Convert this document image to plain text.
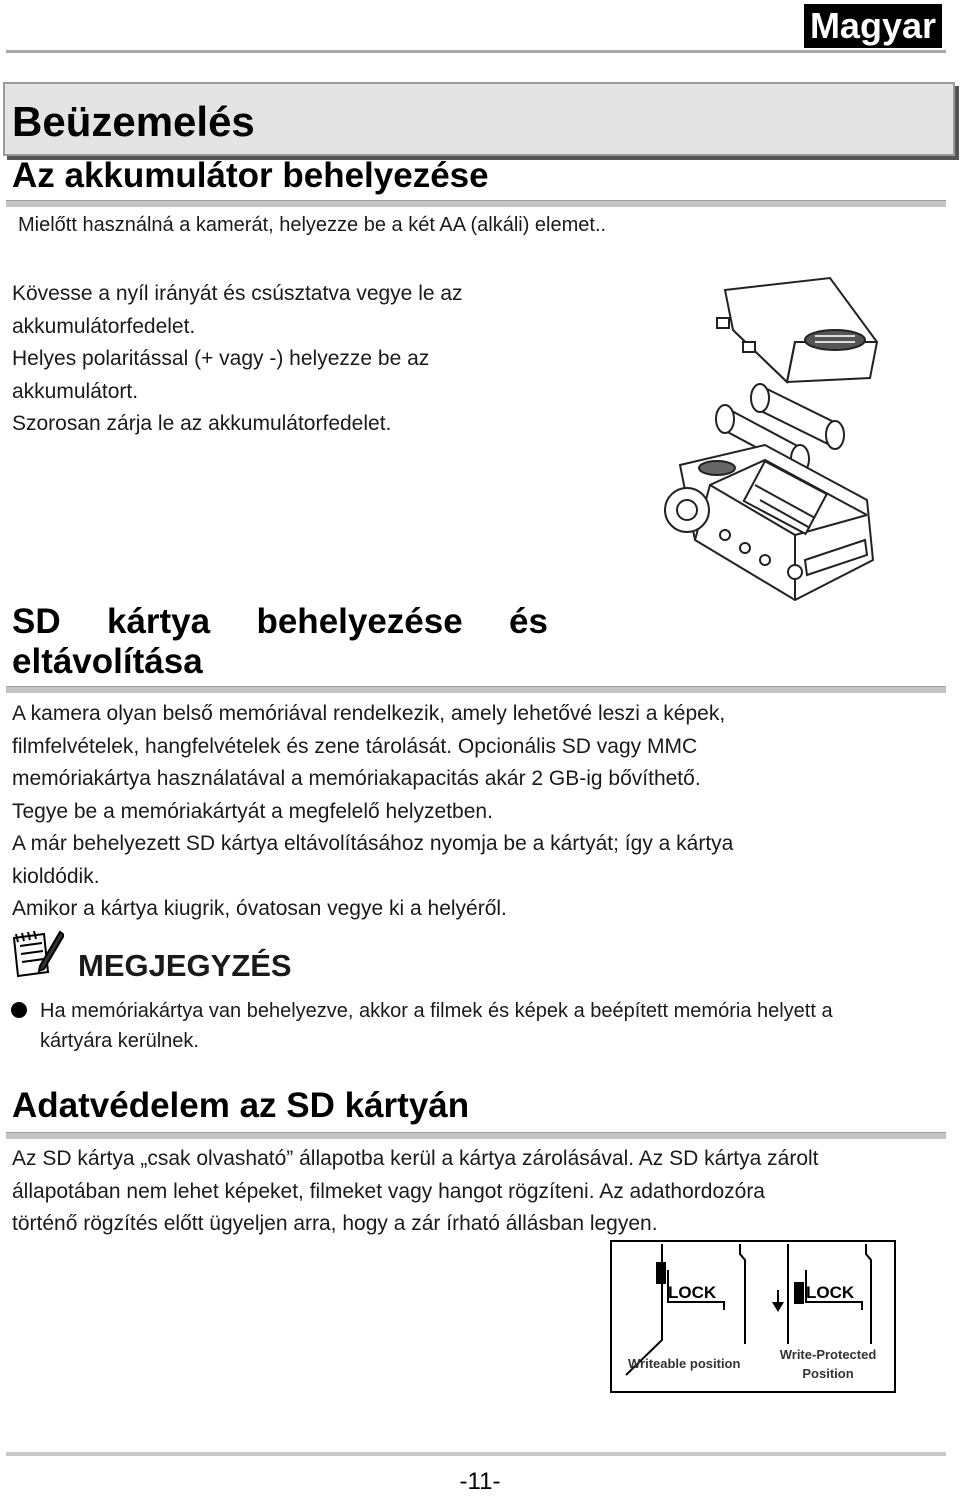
Magyar
Beüzemelés
Az akkumulátor behelyezése
Mielőtt használná a kamerát, helyezze be a két AA (alkáli) elemet..
Kövesse a nyíl irányát és csúsztatva vegye le az
akkumulátorfedelet.
Helyes polaritással (+ vagy -) helyezze be az
akkumulátort.
Szorosan zárja le az akkumulátorfedelet.
SD kártya behelyezése és
eltávolítása
A kamera olyan belső memóriával rendelkezik, amely lehetővé leszi a képek,
filmfelvételek, hangfelvételek és zene tárolását. Opcionális SD vagy MMC
memóriakártya használatával a memóriakapacitás akár 2 GB-ig bővíthető.
Tegye be a memóriakártyát a megfelelő helyzetben.
A már behelyezett SD kártya eltávolításához nyomja be a kártyát; így a kártya
kioldódik.
Amikor a kártya kiugrik, óvatosan vegye ki a helyéről.
MEGJEGYZÉS
Ha memóriakártya van behelyezve, akkor a filmek és képek a beépített memória helyett a
kártyára kerülnek.
Adatvédelem az SD kártyán
Az SD kártya „csak olvasható” állapotba kerül a kártya zárolásával. Az SD kártya zárolt
állapotában nem lehet képeket, filmeket vagy hangot rögzíteni. Az adathordozóra
történő rögzítés előtt ügyeljen arra, hogy a zár írható állásban legyen.
LOCK	LOCK
Writeable position
Write-Protected
Position
-11-
